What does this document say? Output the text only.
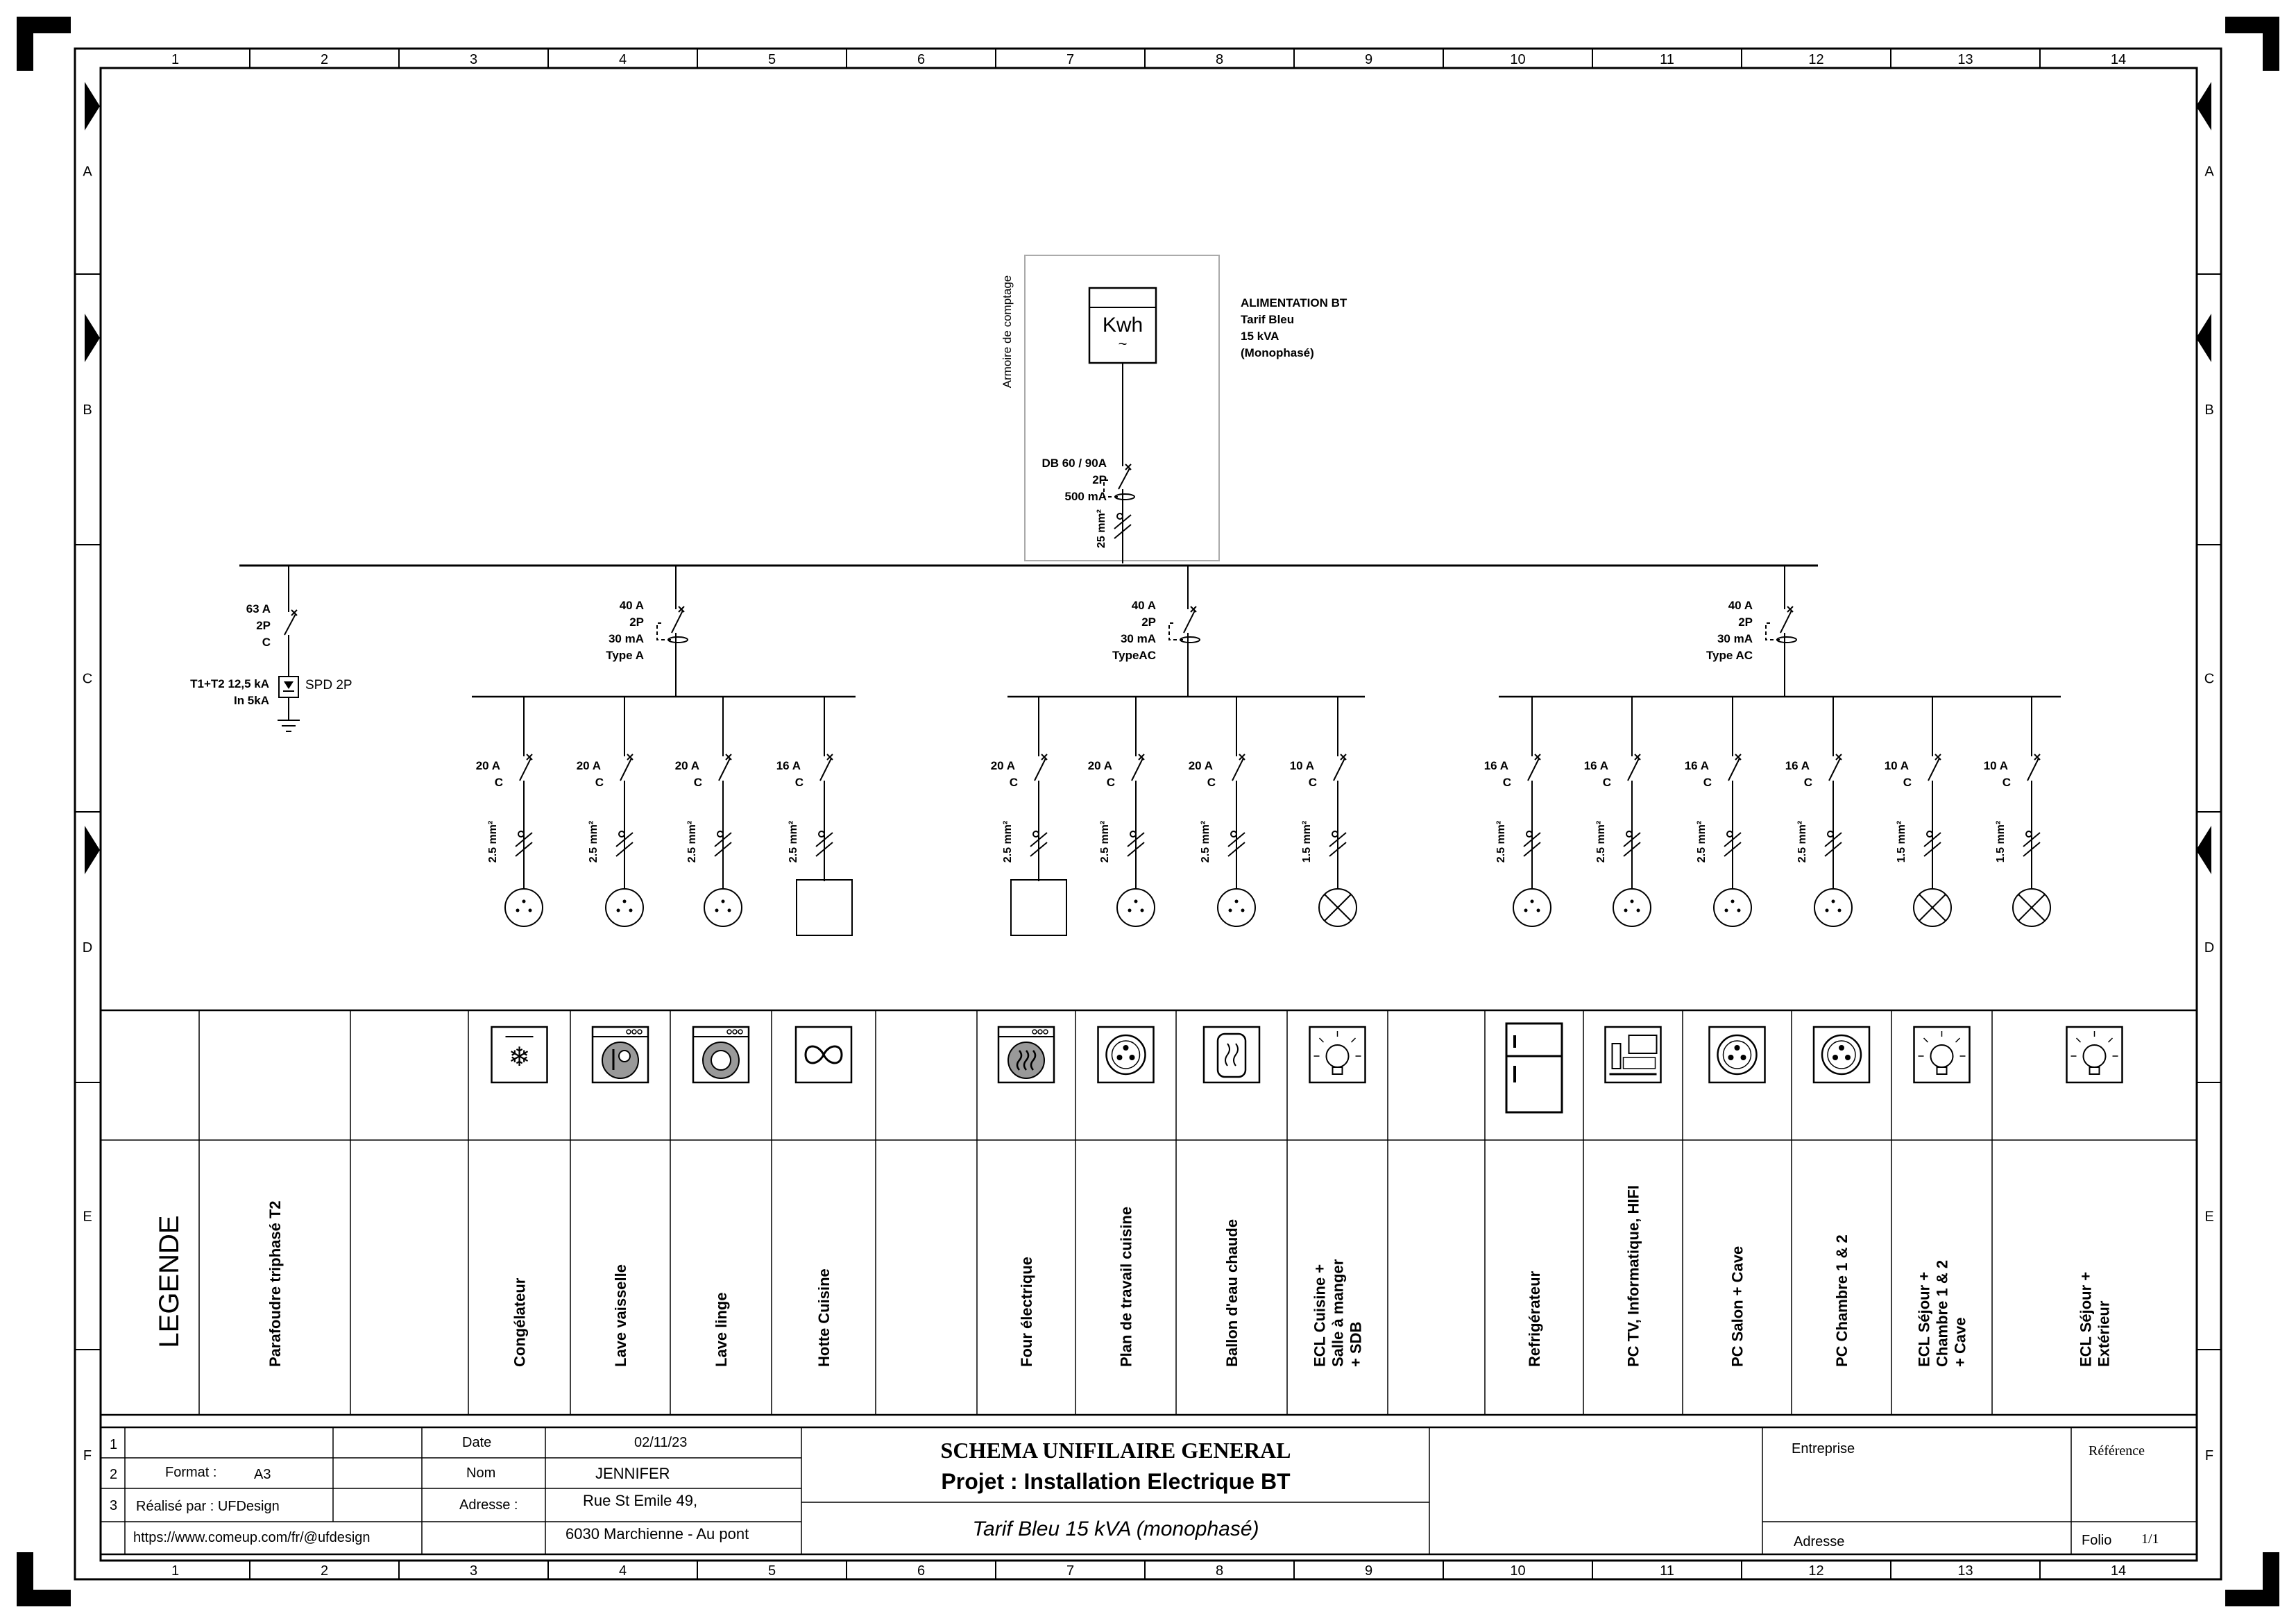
1
1
2
2
3
3
4
4
5
5
6
6
7
7
8
8
9
9
10
10
11
11
12
12
13
13
14
14
A	A
B	B
C	C
D	D
E	E
F	F
Armoire de comptage	Kwh
~
ALIMENTATION BT
Tarif Bleu
15 kVA
(Monophasé)
DB 60 / 90A
2P
500 mA
25 mm²
63 A
2P
C
T1+T2 12,5 kA
In 5kA
SPD 2P
40 A
2P
30 mA
Type A
40 A
2P
30 mA
TypeAC
40 A
2P
30 mA
Type AC
20 A
C
2.5 mm²
20 A
C
2.5 mm²
20 A
C
2.5 mm²
16 A
C
2.5 mm²
20 A
C
2.5 mm²
20 A
C
2.5 mm²
20 A
C
2.5 mm²
10 A
C
1.5 mm²
16 A
C
2.5 mm²
16 A
C
2.5 mm²
16 A
C
2.5 mm²
16 A
C
2.5 mm²
10 A
C
1.5 mm²
10 A
C
1.5 mm²
LEGENDE	Parafoudre triphasé T2
❄
Congélateur	Lave vaisselle	Lave linge	Hotte Cuisine	Four électrique	Plan de travail cuisine	Ballon d'eau chaude	ECL Cuisine + Salle à manger + SDB	Refrigérateur	PC TV, Informatique, HIFI	PC Salon + Cave	PC Chambre 1 & 2	ECL Séjour + Chambre 1 & 2 + Cave	ECL Séjour + Extérieur
1
2
3
Format :	A3
Réalisé par : UFDesign
https://www.comeup.com/fr/@ufdesign
Date	02/11/23
Nom	JENNIFER
Adresse :	Rue St Emile 49,
6030 Marchienne - Au pont
SCHEMA UNIFILAIRE GENERAL
Projet : Installation Electrique BT
Tarif Bleu 15 kVA (monophasé)
Entreprise
Adresse
Référence
Folio 1/1
